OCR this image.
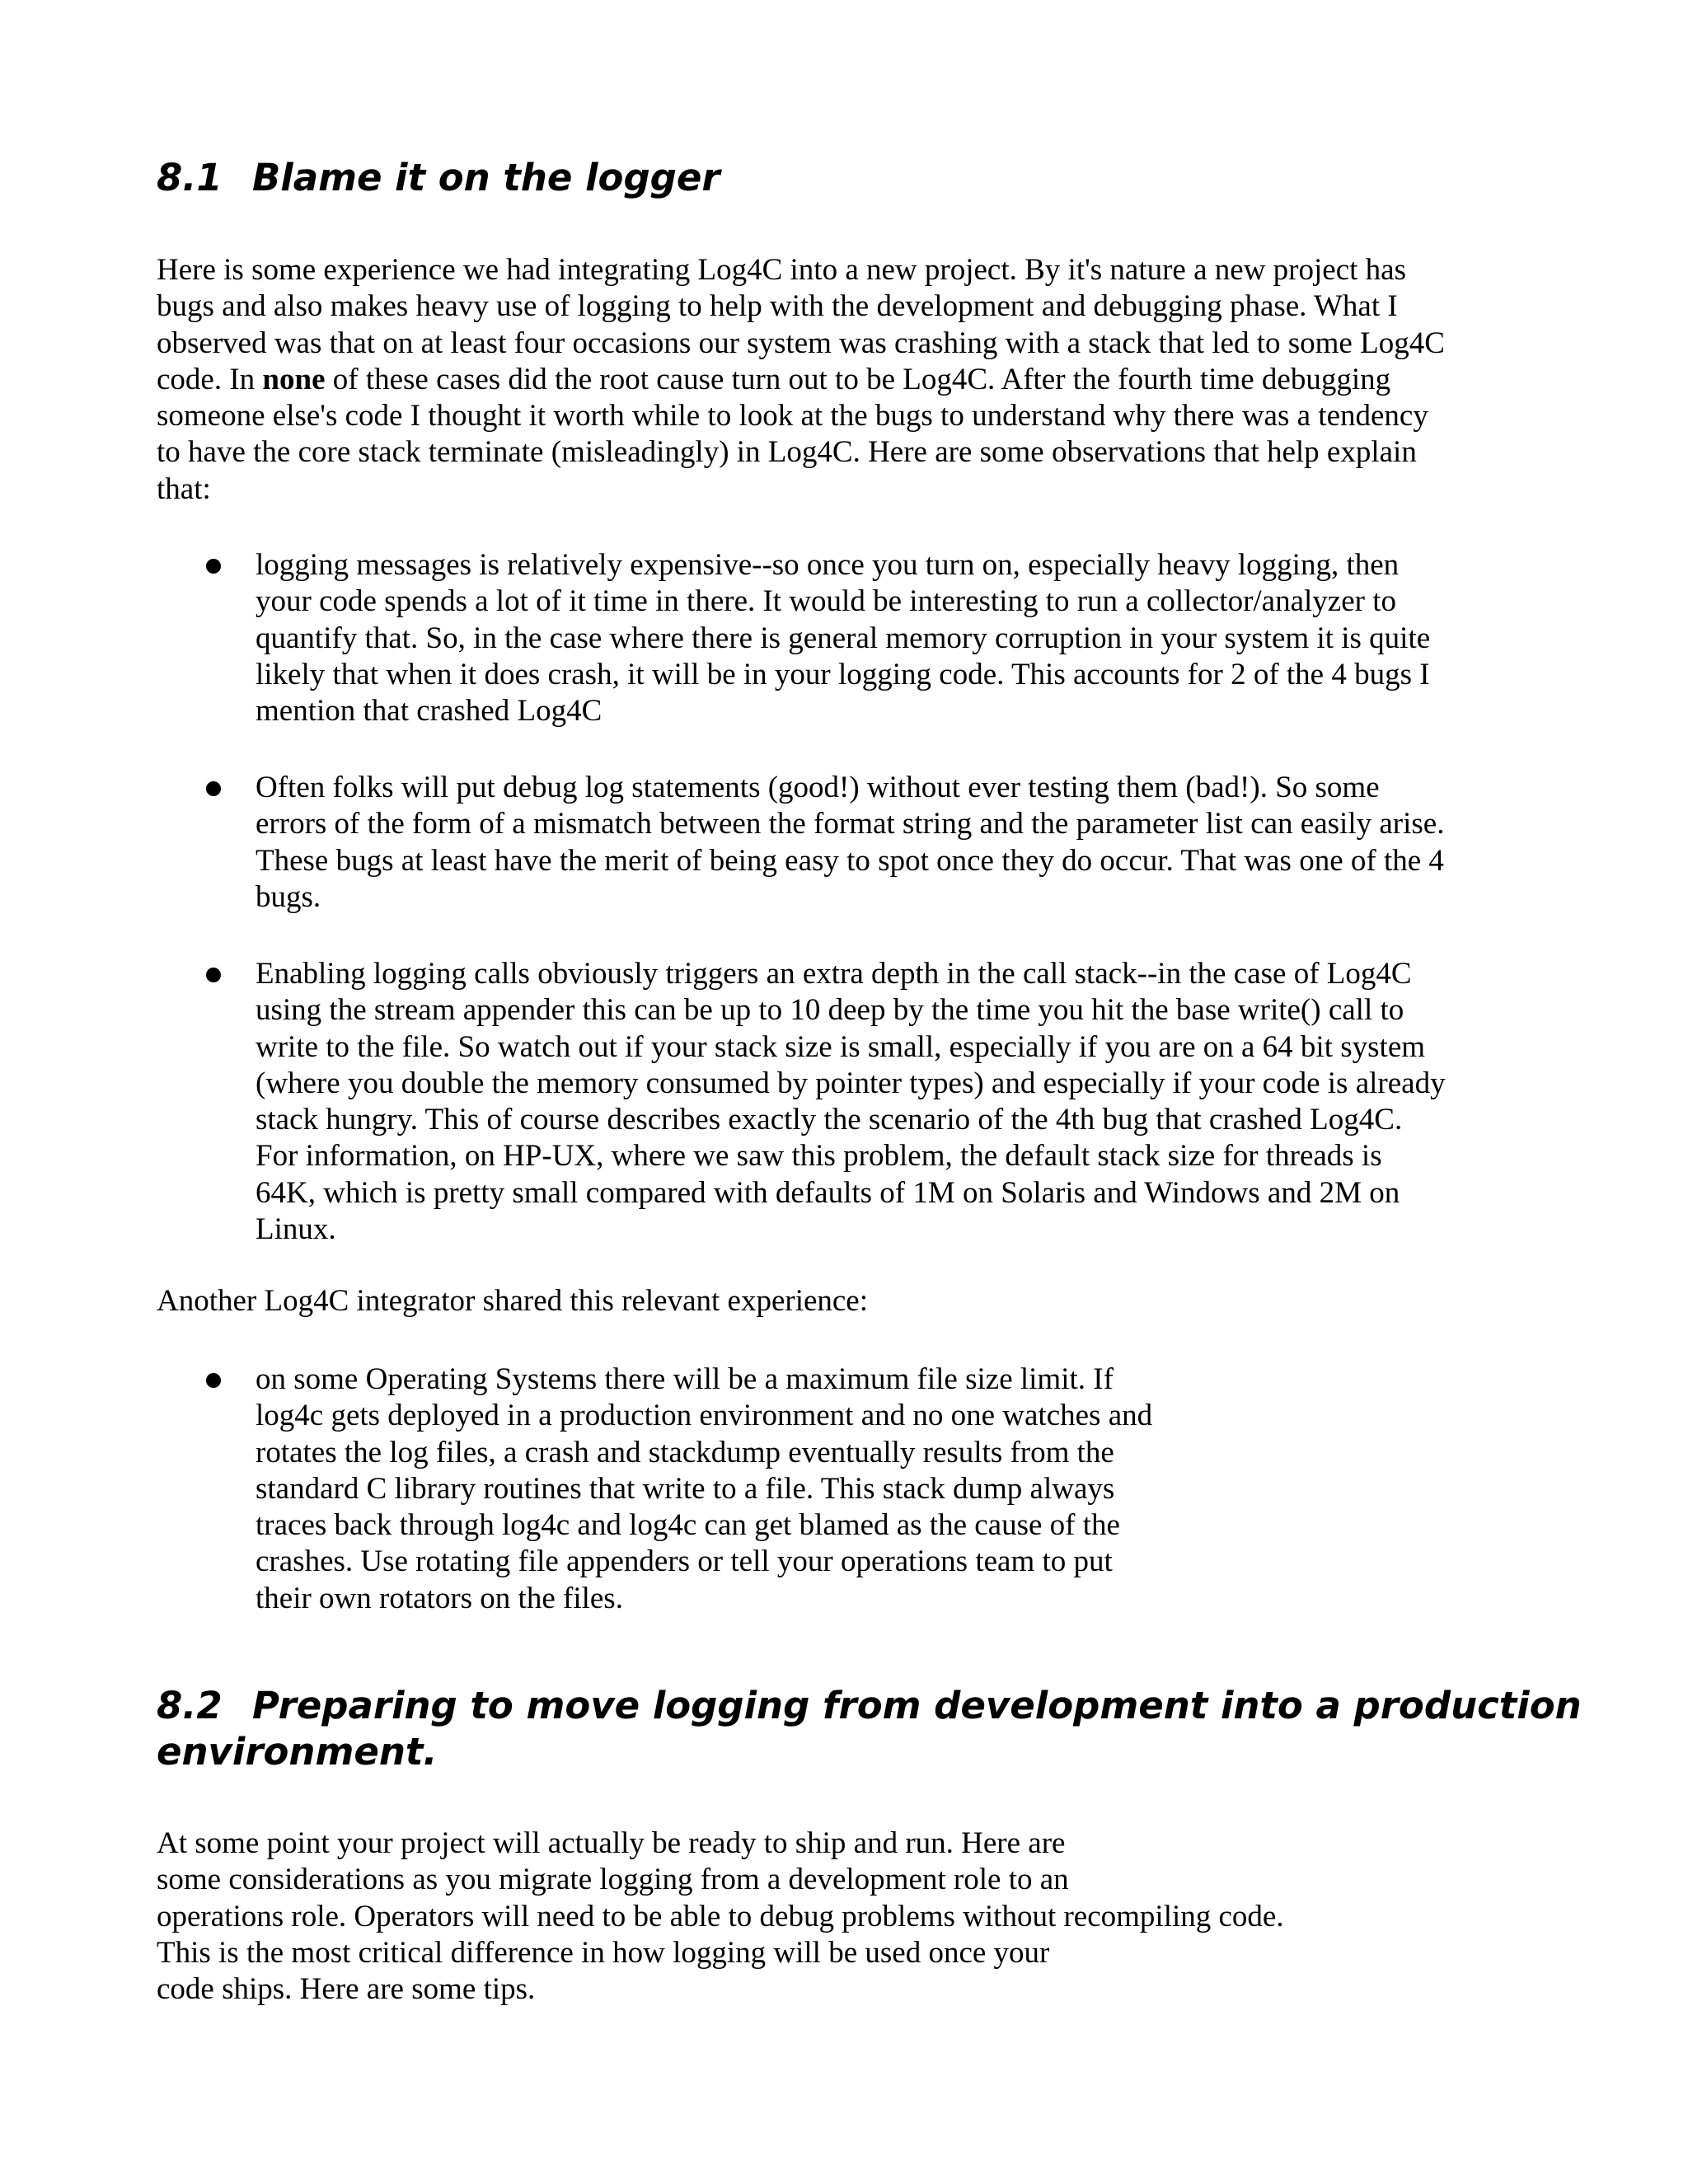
8.1 Blame it on the logger

Here is some experience we had integrating Log4C into a new project. By it's nature a new project has
bugs and also makes heavy use of logging to help with the development and debugging phase. What I
observed was that on at least four occasions our system was crashing with a stack that led to some Log4C
code. In none of these cases did the root cause turn out to be Log4C. After the fourth time debugging
someone else's code I thought it worth while to look at the bugs to understand why there was a tendency
to have the core stack terminate (misleadingly) in Log4C. Here are some observations that help explain
that:

logging messages is relatively expensive--so once you turn on, especially heavy logging, then
your code spends a lot of it time in there. It would be interesting to run a collector/analyzer to
quantify that. So, in the case where there is general memory corruption in your system it is quite
likely that when it does crash, it will be in your logging code. This accounts for 2 of the 4 bugs I
mention that crashed Log4C

Often folks will put debug log statements (good!) without ever testing them (bad!). So some
errors of the form of a mismatch between the format string and the parameter list can easily arise.
These bugs at least have the merit of being easy to spot once they do occur. That was one of the 4
bugs.

Enabling logging calls obviously triggers an extra depth in the call stack--in the case of Log4C
using the stream appender this can be up to 10 deep by the time you hit the base write() call to
write to the file. So watch out if your stack size is small, especially if you are on a 64 bit system
(where you double the memory consumed by pointer types) and especially if your code is already
stack hungry. This of course describes exactly the scenario of the 4th bug that crashed Log4C.
For information, on HP-UX, where we saw this problem, the default stack size for threads is
64K, which is pretty small compared with defaults of 1M on Solaris and Windows and 2M on
Linux.

Another Log4C integrator shared this relevant experience:

on some Operating Systems there will be a maximum file size limit. If
log4c gets deployed in a production environment and no one watches and
rotates the log files, a crash and stackdump eventually results from the
standard C library routines that write to a file. This stack dump always
traces back through log4c and log4c can get blamed as the cause of the
crashes. Use rotating file appenders or tell your operations team to put
their own rotators on the files.

8.2 Preparing to move logging from development into a production
environment.

At some point your project will actually be ready to ship and run. Here are
some considerations as you migrate logging from a development role to an
operations role. Operators will need to be able to debug problems without recompiling code.
This is the most critical difference in how logging will be used once your
code ships. Here are some tips.
